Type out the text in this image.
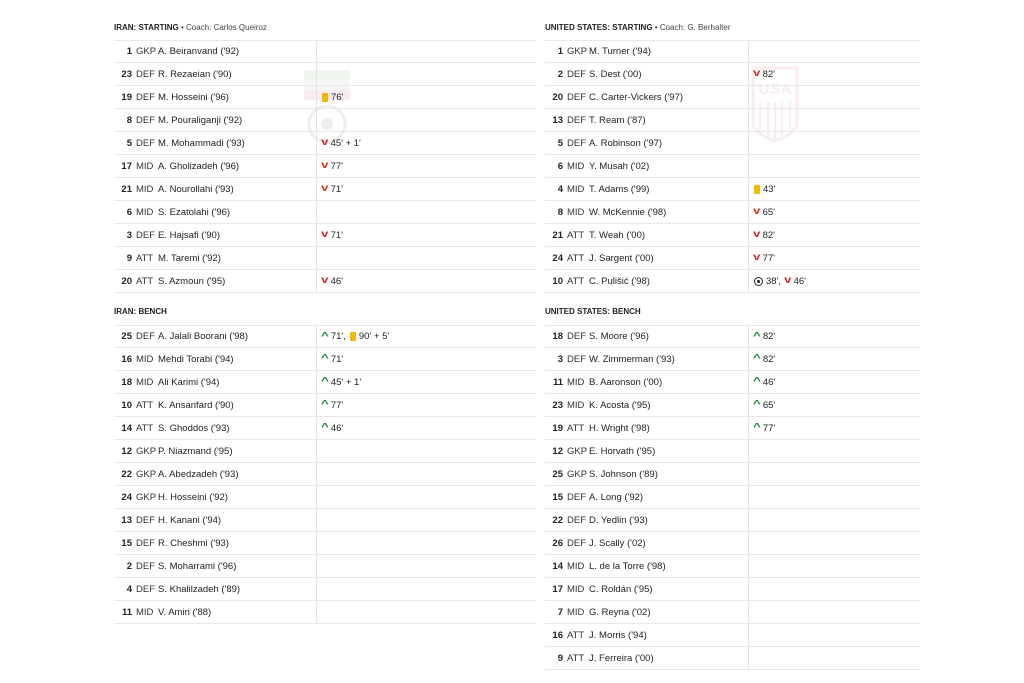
IRAN: STARTING • Coach: Carlos Queiroz
1 GKP A. Beiranvand ('92)
23 DEF R. Rezaeian ('90)
19 DEF M. Hosseini ('96)	76'
8 DEF M. Pouraliganji ('92)
5 DEF M. Mohammadi ('93)	v 45' + 1'
17 MID A. Gholizadeh ('96)	v 77'
21 MID A. Nourollahi ('93)	v 71'
6 MID S. Ezatolahi ('96)
3 DEF E. Hajsafi ('90)	v 71'
9 ATT M. Taremi ('92)
20 ATT S. Azmoun ('95)	v 46'
IRAN: BENCH
25 DEF A. Jalali Boorani ('98)	^ 71', 90' + 5'
16 MID Mehdi Torabi ('94)	^ 71'
18 MID Ali Karimi ('94)	^ 45' + 1'
10 ATT K. Ansarifard ('90)	^ 77'
14 ATT S. Ghoddos ('93)	^ 46'
12 GKP P. Niazmand ('95)
22 GKP A. Abedzadeh ('93)
24 GKP H. Hosseini ('92)
13 DEF H. Kanani ('94)
15 DEF R. Cheshmi ('93)
2 DEF S. Moharrami ('96)
4 DEF S. Khalilzadeh ('89)
11 MID V. Amiri ('88)
UNITED STATES: STARTING • Coach: G. Berhalter
USA
1 GKP M. Turner ('94)
2 DEF S. Dest ('00)	v 82'
20 DEF C. Carter-Vickers ('97)
13 DEF T. Ream ('87)
5 DEF A. Robinson ('97)
6 MID Y. Musah ('02)
4 MID T. Adams ('99)	43'
8 MID W. McKennie ('98)	v 65'
21 ATT T. Weah ('00)	v 82'
24 ATT J. Sargent ('00)	v 77'
10 ATT C. Pulišić ('98)	38', v 46'
UNITED STATES: BENCH
18 DEF S. Moore ('96)	^ 82'
3 DEF W. Zimmerman ('93)	^ 82'
11 MID B. Aaronson ('00)	^ 46'
23 MID K. Acosta ('95)	^ 65'
19 ATT H. Wright ('98)	^ 77'
12 GKP E. Horvath ('95)
25 GKP S. Johnson ('89)
15 DEF A. Long ('92)
22 DEF D. Yedlin ('93)
26 DEF J. Scally ('02)
14 MID L. de la Torre ('98)
17 MID C. Roldán ('95)
7 MID G. Reyna ('02)
16 ATT J. Morris ('94)
9 ATT J. Ferreira ('00)
